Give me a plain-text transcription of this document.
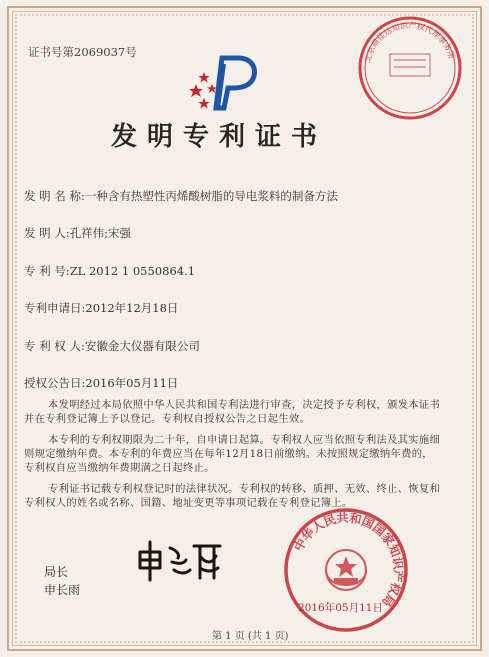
北京鼎佳达知识产权代理事务所
证书号第2069037号
发明专利证书
发 明 名 称:一种含有热塑性丙烯酸树脂的导电浆料的制备方法
发 明 人:孔祥伟;宋强
专 利 号:ZL 2012 1 0550864.1
专利申请日:2012年12月18日
专 利 权 人:安徽金大仪器有限公司
授权公告日:2016年05月11日
本发明经过本局依照中华人民共和国专利法进行审查，决定授予专利权，颁发本证书
并在专利登记簿上予以登记。专利权自授权公告之日起生效。
本专利的专利权期限为二十年，自申请日起算。专利权人应当依照专利法及其实施细
则规定缴纳年费。本专利的年费应当在每年12月18日前缴纳。未按照规定缴纳年费的，
专利权自应当缴纳年费期满之日起终止。
专利证书记载专利权登记时的法律状况。专利权的转移、质押、无效、终止、恢复和
专利权人的姓名或名称、国籍、地址变更等事项记载在专利登记簿上。
中华人民共和国国家知识产权局
局长
申长雨
2016年05月11日
第 1 页 (共 1 页)
